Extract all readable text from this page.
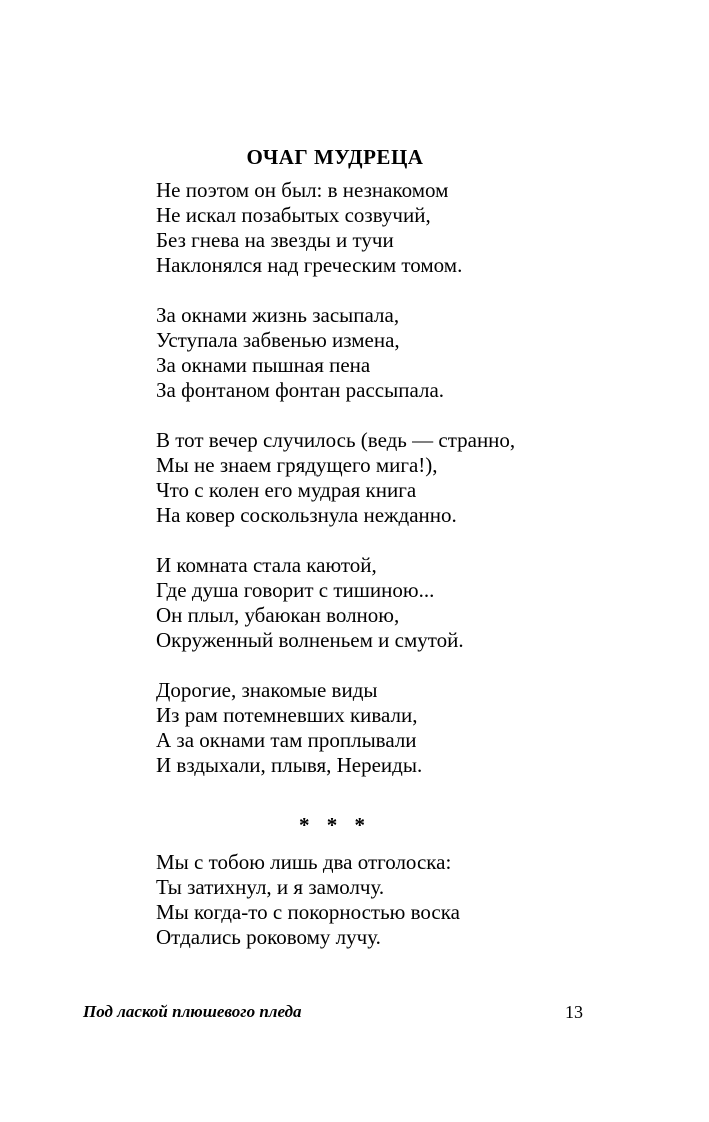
ОЧАГ МУДРЕЦА
Не поэтом он был: в незнакомом
Не искал позабытых созвучий,
Без гнева на звезды и тучи
Наклонялся над греческим томом.
За окнами жизнь засыпала,
Уступала забвенью измена,
За окнами пышная пена
За фонтаном фонтан рассыпала.
В тот вечер случилось (ведь — странно,
Мы не знаем грядущего мига!),
Что с колен его мудрая книга
На ковер соскользнула нежданно.
И комната стала каютой,
Где душа говорит с тишиною...
Он плыл, убаюкан волною,
Окруженный волненьем и смутой.
Дорогие, знакомые виды
Из рам потемневших кивали,
А за окнами там проплывали
И вздыхали, плывя, Нереиды.
* * *
Мы с тобою лишь два отголоска:
Ты затихнул, и я замолчу.
Мы когда-то с покорностью воска
Отдались роковому лучу.
Под лаской плюшевого пледа	13
